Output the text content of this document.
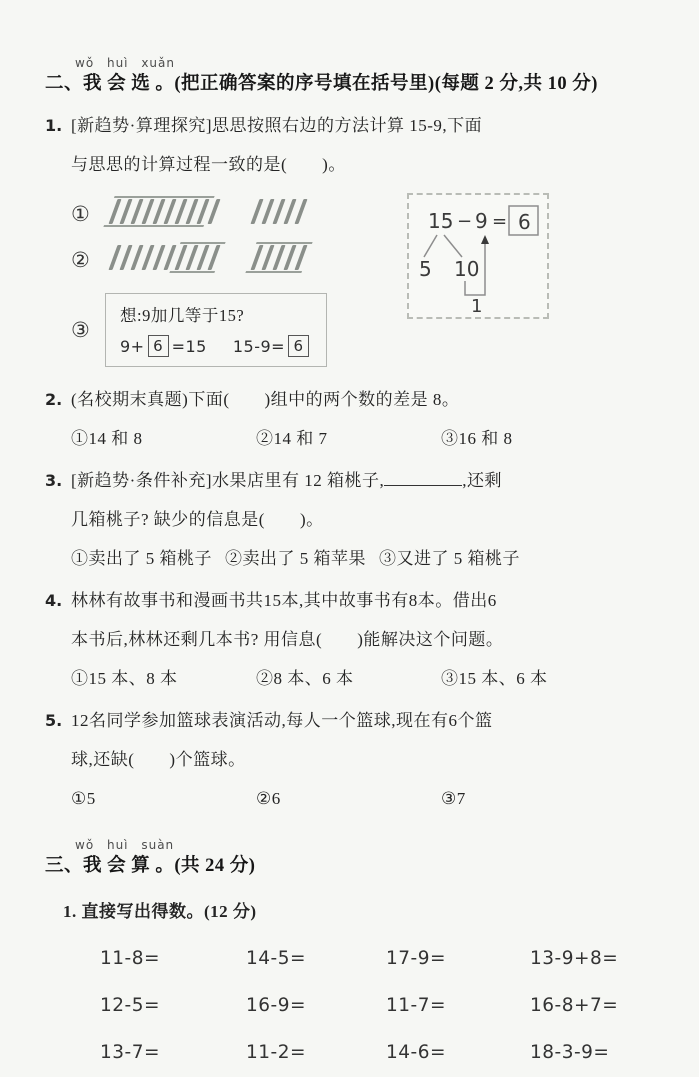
wǒ huì xuǎn
二、我 会 选 。(把正确答案的序号填在括号里)(每题 2 分,共 10 分)
1. [新趋势·算理探究]思思按照右边的方法计算 15-9,下面
与思思的计算过程一致的是(　　)。
①
②
③
想:9加几等于15?
9+ 6 =15 15-9= 6
15 − 9 = 6
5 10
1
2. (名校期末真题)下面(　　)组中的两个数的差是 8。
①14 和 8	②14 和 7	③16 和 8
3. [新趋势·条件补充]水果店里有 12 箱桃子,	,还剩
几箱桃子? 缺少的信息是(　　)。
①卖出了 5 箱桃子 ②卖出了 5 箱苹果 ③又进了 5 箱桃子
4. 林林有故事书和漫画书共15本,其中故事书有8本。借出6
本书后,林林还剩几本书? 用信息(　　)能解决这个问题。
①15 本、8 本	②8 本、6 本	③15 本、6 本
5. 12名同学参加篮球表演活动,每人一个篮球,现在有6个篮
球,还缺(　　)个篮球。
①5	②6	③7
wǒ huì suàn
三、我 会 算 。(共 24 分)
1. 直接写出得数。(12 分)
11-8=	14-5=	17-9=	13-9+8=
12-5=	16-9=	11-7=	16-8+7=
13-7=	11-2=	14-6=	18-3-9=
